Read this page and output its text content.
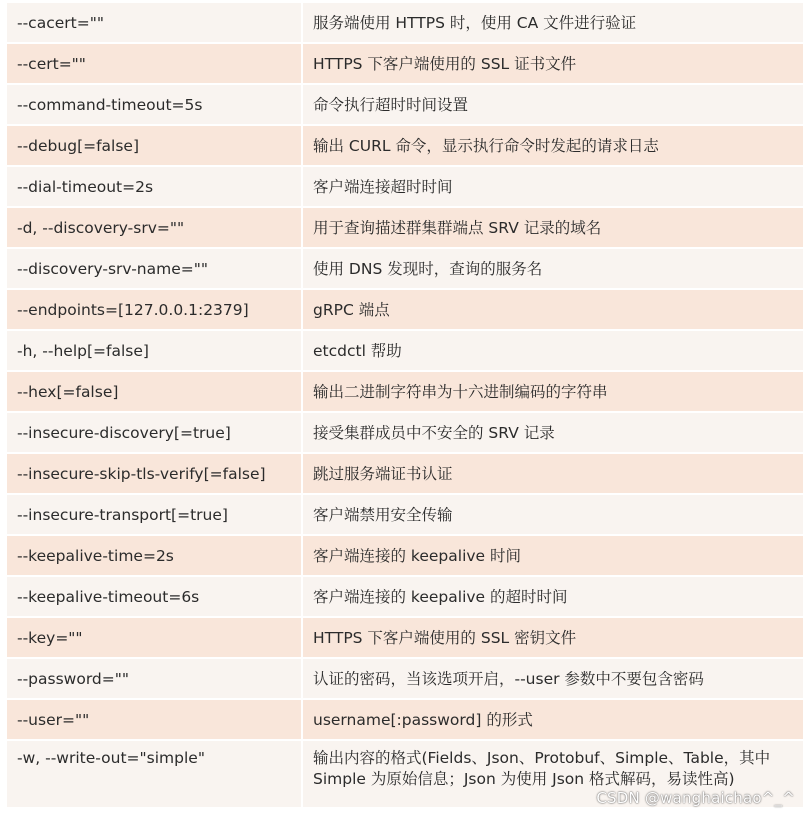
--cacert=""	服务端使用 HTTPS 时，使用 CA 文件进行验证
--cert=""	HTTPS 下客户端使用的 SSL 证书文件
--command-timeout=5s	命令执行超时时间设置
--debug[=false]	输出 CURL 命令，显示执行命令时发起的请求日志
--dial-timeout=2s	客户端连接超时时间
-d, --discovery-srv=""	用于查询描述群集群端点 SRV 记录的域名
--discovery-srv-name=""	使用 DNS 发现时，查询的服务名
--endpoints=[127.0.0.1:2379]	gRPC 端点
-h, --help[=false]	etcdctl 帮助
--hex[=false]	输出二进制字符串为十六进制编码的字符串
--insecure-discovery[=true]	接受集群成员中不安全的 SRV 记录
--insecure-skip-tls-verify[=false]	跳过服务端证书认证
--insecure-transport[=true]	客户端禁用安全传输
--keepalive-time=2s	客户端连接的 keepalive 时间
--keepalive-timeout=6s	客户端连接的 keepalive 的超时时间
--key=""	HTTPS 下客户端使用的 SSL 密钥文件
--password=""	认证的密码，当该选项开启，--user 参数中不要包含密码
--user=""	username[:password] 的形式
-w, --write-out="simple"	输出内容的格式(Fields、Json、Protobuf、Simple、Table，其中 Simple 为原始信息；Json 为使用 Json 格式解码，易读性高)
CSDN @wanghaichao^_^
